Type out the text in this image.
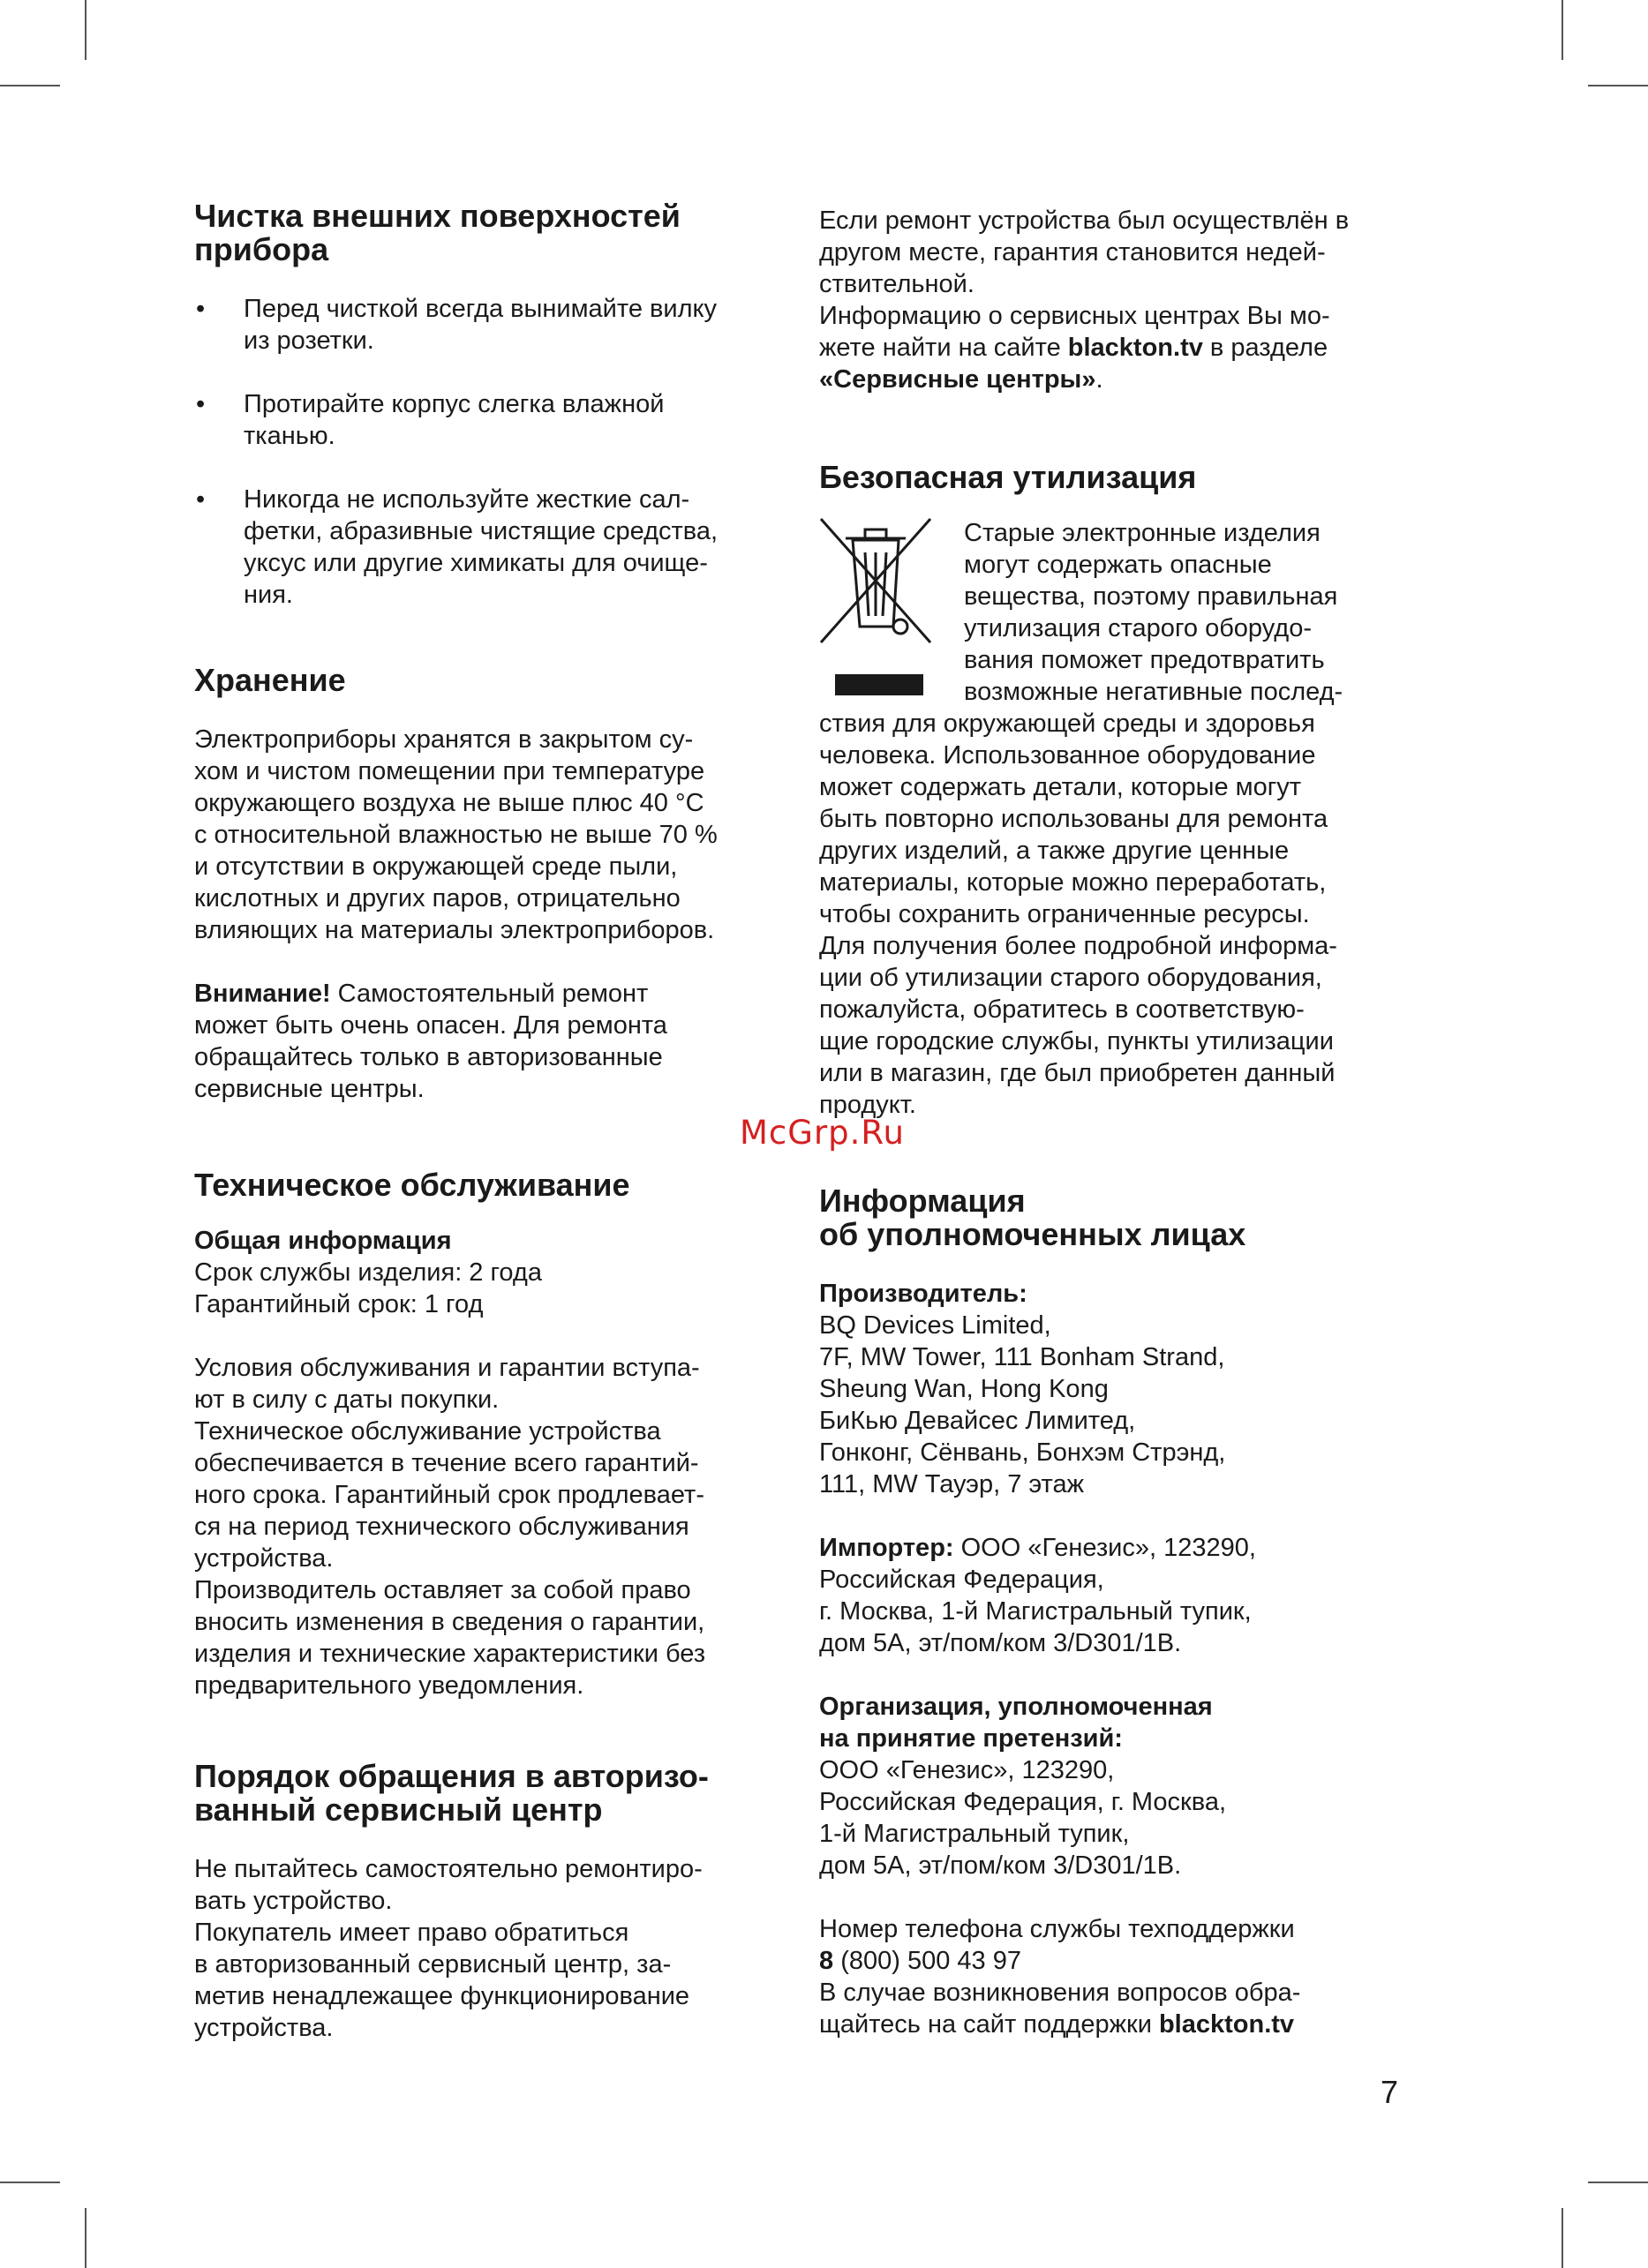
Чистка внешних поверхностей
прибора
• Перед чисткой всегда вынимайте вилку
из розетки.
• Протирайте корпус слегка влажной
тканью.
• Никогда не используйте жесткие сал-
фетки, абразивные чистящие средства,
уксус или другие химикаты для очище-
ния.
Хранение

Электроприборы хранятся в закрытом су-
хом и чистом помещении при температуре
окружающего воздуха не выше плюс 40 °С
с относительной влажностью не выше 70 %
и отсутствии в окружающей среде пыли,
кислотных и других паров, отрицательно
влияющих на материалы электроприборов.

Внимание! Самостоятельный ремонт
может быть очень опасен. Для ремонта
обращайтесь только в авторизованные
сервисные центры.

Техническое обслуживание

Общая информация
Срок службы изделия: 2 года
Гарантийный срок: 1 год

Условия обслуживания и гарантии вступа-
ют в силу с даты покупки.
Техническое обслуживание устройства
обеспечивается в течение всего гарантий-
ного срока. Гарантийный срок продлевает-
ся на период технического обслуживания
устройства.
Производитель оставляет за собой право
вносить изменения в сведения о гарантии,
изделия и технические характеристики без
предварительного уведомления.

Порядок обращения в авторизо-
ванный сервисный центр

Не пытайтесь самостоятельно ремонтиро-
вать устройство.
Покупатель имеет право обратиться
в авторизованный сервисный центр, за-
метив ненадлежащее функционирование
устройства.

Если ремонт устройства был осуществлён в
другом месте, гарантия становится недей-
ствительной.
Информацию о сервисных центрах Вы мо-
жете найти на сайте blackton.tv в разделе
«Сервисные центры».

Безопасная утилизация

Старые электронные изделия
могут содержать опасные
вещества, поэтому правильная
утилизация старого оборудо-
вания поможет предотвратить
возможные негативные послед-

ствия для окружающей среды и здоровья
человека. Использованное оборудование
может содержать детали, которые могут
быть повторно использованы для ремонта
других изделий, а также другие ценные
материалы, которые можно переработать,
чтобы сохранить ограниченные ресурсы.
Для получения более подробной информа-
ции об утилизации старого оборудования,
пожалуйста, обратитесь в соответствую-
щие городские службы, пункты утилизации
или в магазин, где был приобретен данный
продукт.

Информация
об уполномоченных лицах

Производитель:
BQ Devices Limited,
7F, MW Tower, 111 Bonham Strand,
Sheung Wan, Hong Kong
БиКью Девайсес Лимитед,
Гонконг, Сёнвань, Бонхэм Стрэнд,
111, MW Тауэр, 7 этаж

Импортер: ООО «Генезис», 123290,
Российская Федерация,
г. Москва, 1-й Магистральный тупик,
дом 5А, эт/пом/ком 3/D301/1B.

Организация, уполномоченная
на принятие претензий:
ООО «Генезис», 123290,
Российская Федерация, г. Москва,
1-й Магистральный тупик,
дом 5А, эт/пом/ком 3/D301/1B.

Номер телефона службы техподдержки
8 (800) 500 43 97
В случае возникновения вопросов обра-
щайтесь на сайт поддержки blackton.tv

McGrp.Ru
7
